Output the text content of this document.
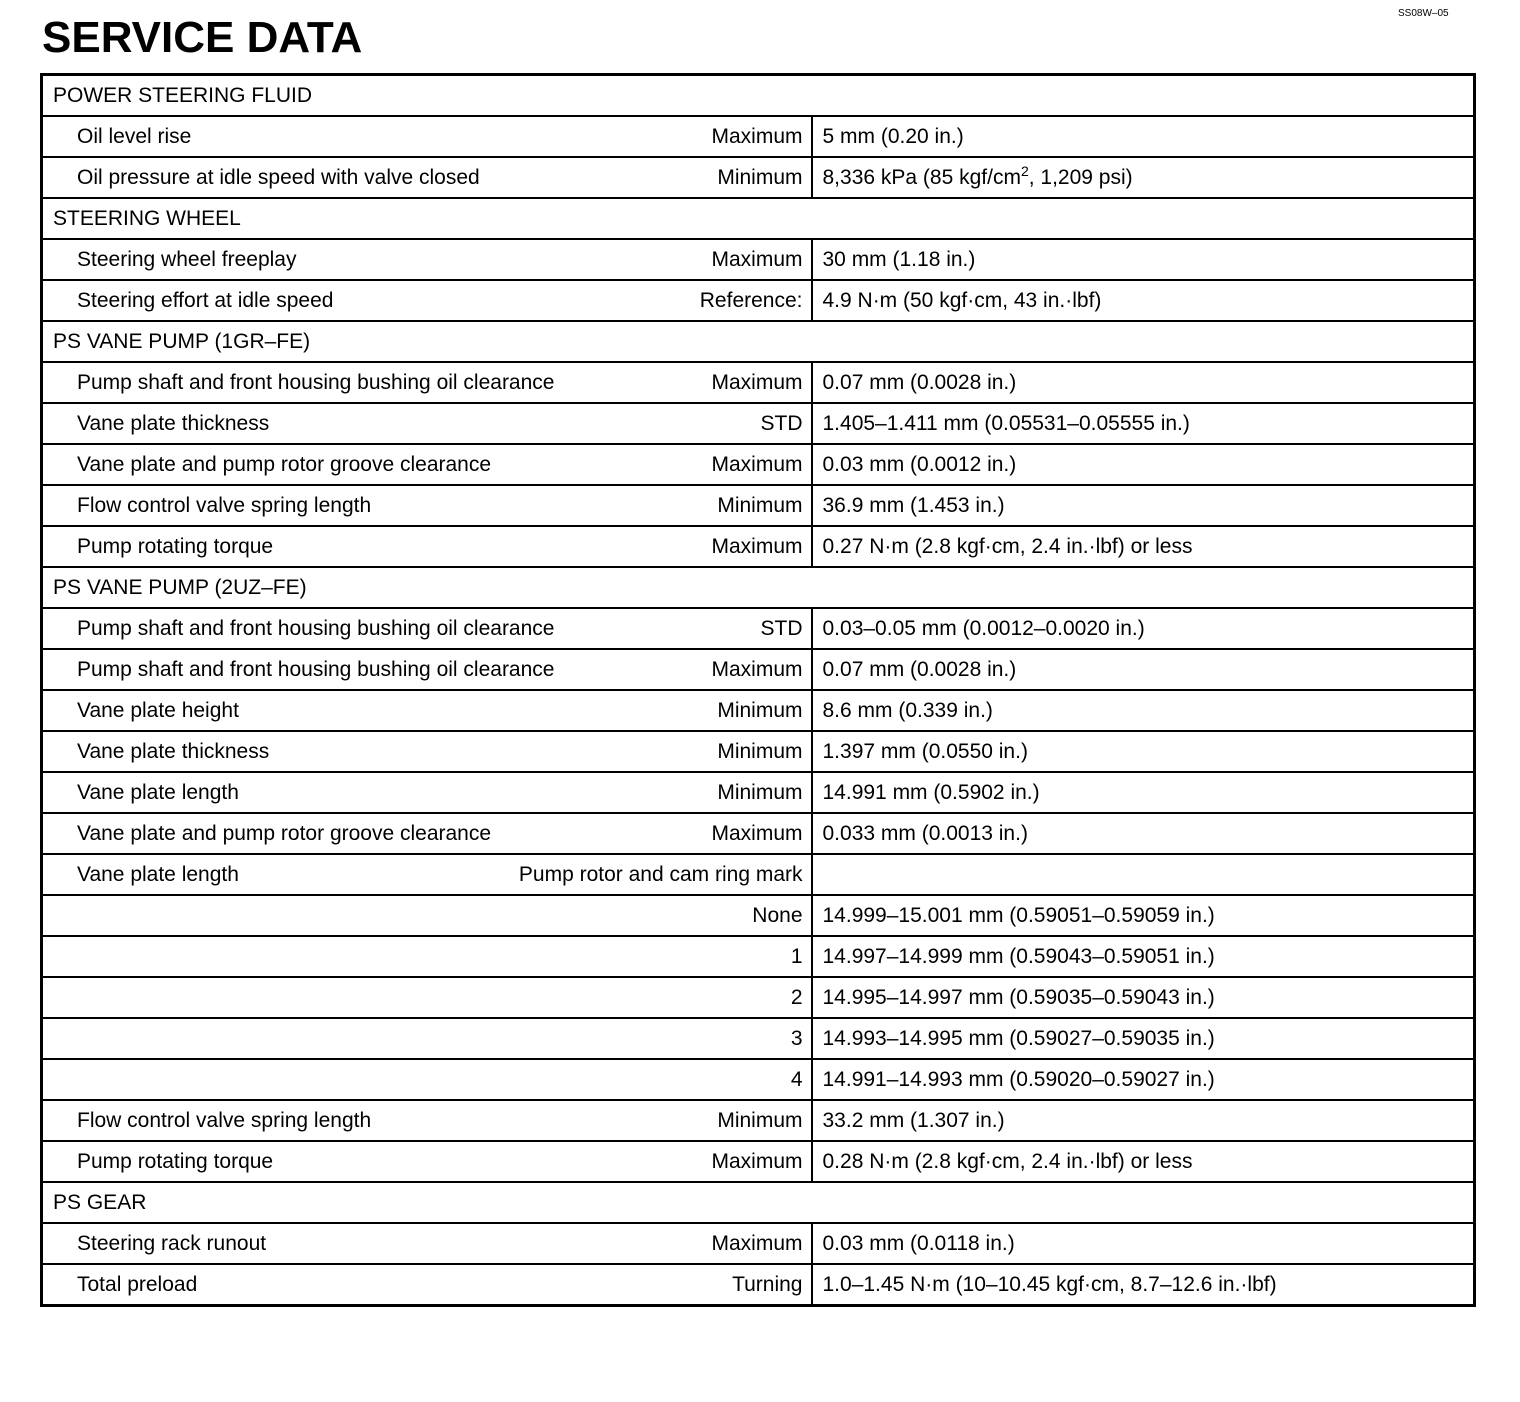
SERVICE DATA	SS08W–05
POWER STEERING FLUID	

Oil level rise Maximum	5 mm (0.20 in.)

Oil pressure at idle speed with valve closed Minimum	8,336 kPa (85 kgf/$cm^2$, 1,209 psi)
STEERING WHEEL	

Steering wheel freeplay Maximum	30 mm (1.18 in.)

Steering effort at idle speed Reference:	4.9 N·m (50 kgf·cm, 43 in.·lbf)
PS VANE PUMP (1GR–FE)	

Pump shaft and front housing bushing oil clearance Maximum	0.07 mm (0.0028 in.)

Vane plate thickness STD	1.405–1.411 mm (0.05531–0.05555 in.)

Vane plate and pump rotor groove clearance Maximum	0.03 mm (0.0012 in.)

Flow control valve spring length Minimum	36.9 mm (1.453 in.)

Pump rotating torque Maximum	0.27 N·m (2.8 kgf·cm, 2.4 in.·lbf) or less
PS VANE PUMP (2UZ–FE)	

Pump shaft and front housing bushing oil clearance STD	0.03–0.05 mm (0.0012–0.0020 in.)

Pump shaft and front housing bushing oil clearance Maximum	0.07 mm (0.0028 in.)

Vane plate height Minimum	8.6 mm (0.339 in.)

Vane plate thickness Minimum	1.397 mm (0.0550 in.)

Vane plate length Minimum	14.991 mm (0.5902 in.)

Vane plate and pump rotor groove clearance Maximum	0.033 mm (0.0013 in.)

Vane plate length Pump rotor and cam ring mark	

None	14.999–15.001 mm (0.59051–0.59059 in.)

1	14.997–14.999 mm (0.59043–0.59051 in.)

2	14.995–14.997 mm (0.59035–0.59043 in.)

3	14.993–14.995 mm (0.59027–0.59035 in.)

4	14.991–14.993 mm (0.59020–0.59027 in.)

Flow control valve spring length Minimum	33.2 mm (1.307 in.)

Pump rotating torque Maximum	0.28 N·m (2.8 kgf·cm, 2.4 in.·lbf) or less
PS GEAR	

Steering rack runout Maximum	0.03 mm (0.0118 in.)

Total preload Turning	1.0–1.45 N·m (10–10.45 kgf·cm, 8.7–12.6 in.·lbf)
